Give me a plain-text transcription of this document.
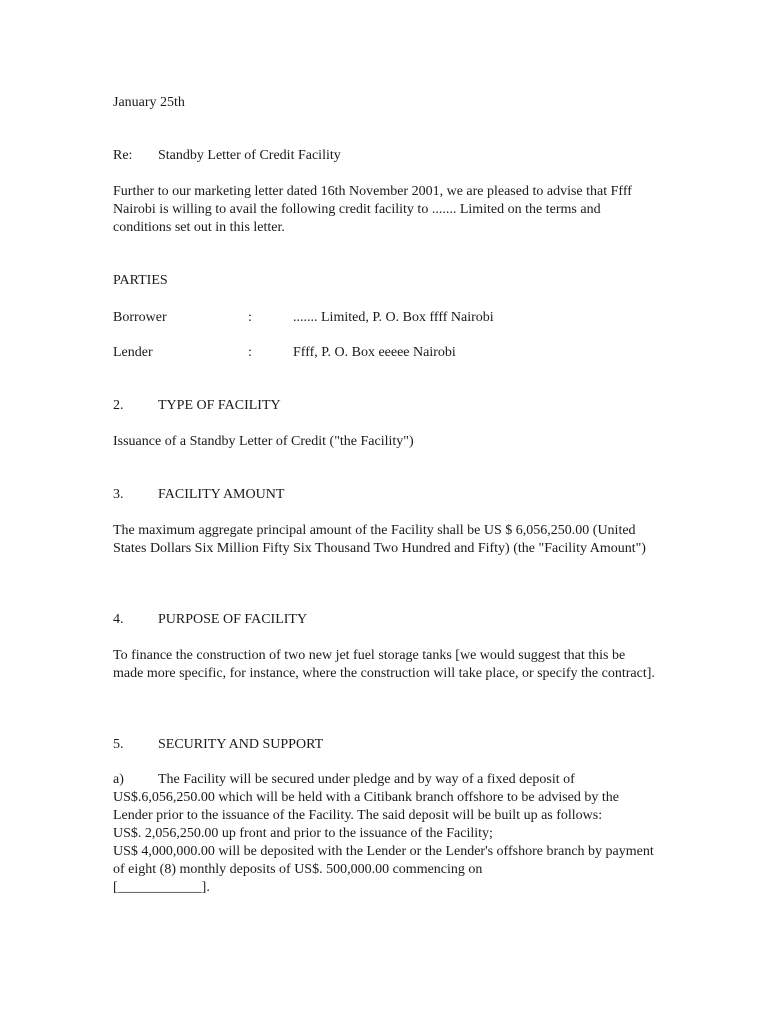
January 25th
Re: Standby Letter of Credit Facility
Further to our marketing letter dated 16th November 2001, we are pleased to advise that Ffff Nairobi is willing to avail the following credit facility to ....... Limited on the terms and conditions set out in this letter.
PARTIES
Borrower	:	....... Limited, P. O. Box ffff Nairobi
Lender	:	Ffff, P. O. Box eeeee Nairobi
2. TYPE OF FACILITY
Issuance of a Standby Letter of Credit ("the Facility")
3. FACILITY AMOUNT
The maximum aggregate principal amount of the Facility shall be US $ 6,056,250.00 (United States Dollars Six Million Fifty Six Thousand Two Hundred and Fifty) (the "Facility Amount")
4. PURPOSE OF FACILITY
To finance the construction of two new jet fuel storage tanks [we would suggest that this be made more specific, for instance, where the construction will take place, or specify the contract].
5. SECURITY AND SUPPORT
a) The Facility will be secured under pledge and by way of a fixed deposit of
US$.6,056,250.00 which will be held with a Citibank branch offshore to be advised by the Lender prior to the issuance of the Facility. The said deposit will be built up as follows:
US$. 2,056,250.00 up front and prior to the issuance of the Facility;
US$ 4,000,000.00 will be deposited with the Lender or the Lender's offshore branch by payment of eight (8) monthly deposits of US$. 500,000.00 commencing on
[____________].
